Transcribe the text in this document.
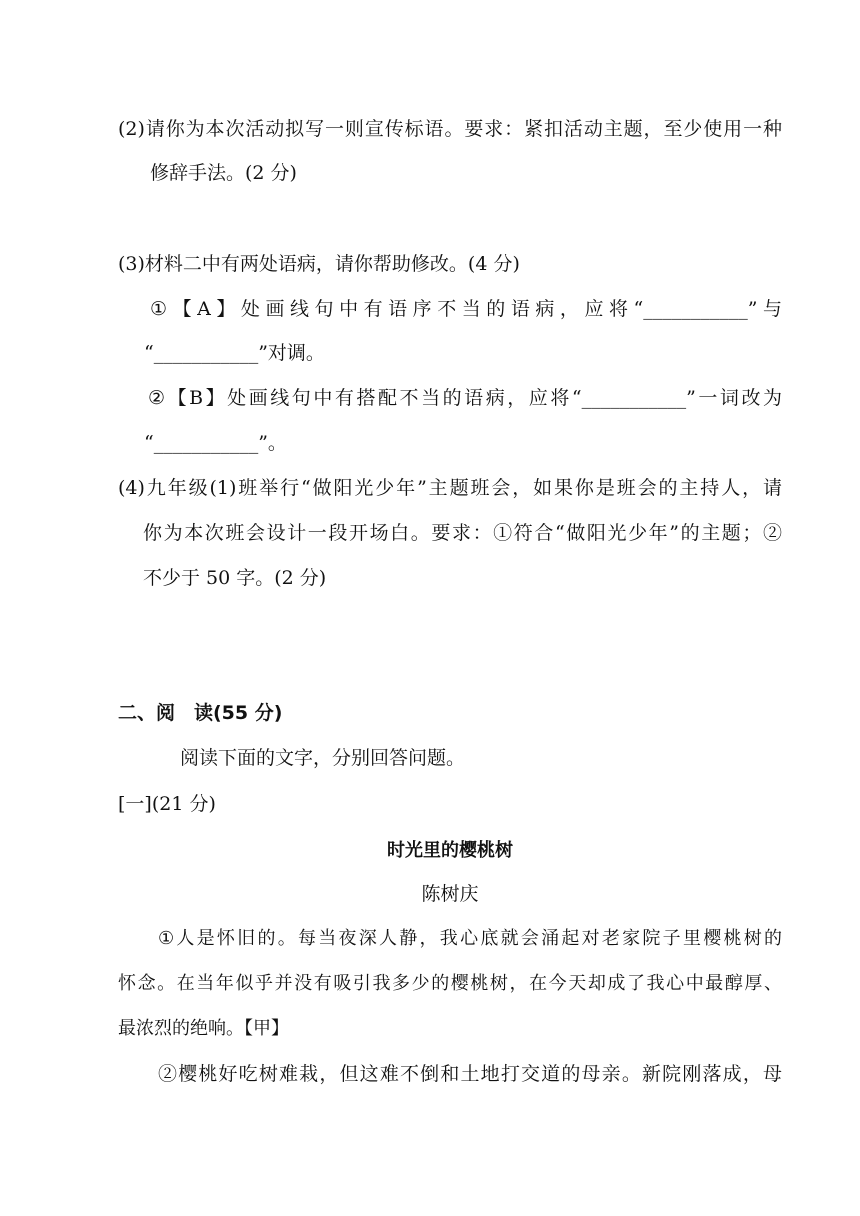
(2)请你为本次活动拟写一则宣传标语。要求：紧扣活动主题，至少使用一种
修辞手法。(2 分)
(3)材料二中有两处语病，请你帮助修改。(4 分)
①【A】处画线句中有语序不当的语病，应将“___________”与
“___________”对调。
②【B】处画线句中有搭配不当的语病，应将“___________”一词改为
“___________”。
(4)九年级(1)班举行“做阳光少年”主题班会，如果你是班会的主持人，请
你为本次班会设计一段开场白。要求：①符合“做阳光少年”的主题；②
不少于 50 字。(2 分)
二、阅　读(55 分)
阅读下面的文字，分别回答问题。
[一](21 分)
时光里的樱桃树
陈树庆
①人是怀旧的。每当夜深人静，我心底就会涌起对老家院子里樱桃树的
怀念。在当年似乎并没有吸引我多少的樱桃树，在今天却成了我心中最醇厚、
最浓烈的绝响。【甲】
②樱桃好吃树难栽，但这难不倒和土地打交道的母亲。新院刚落成，母
